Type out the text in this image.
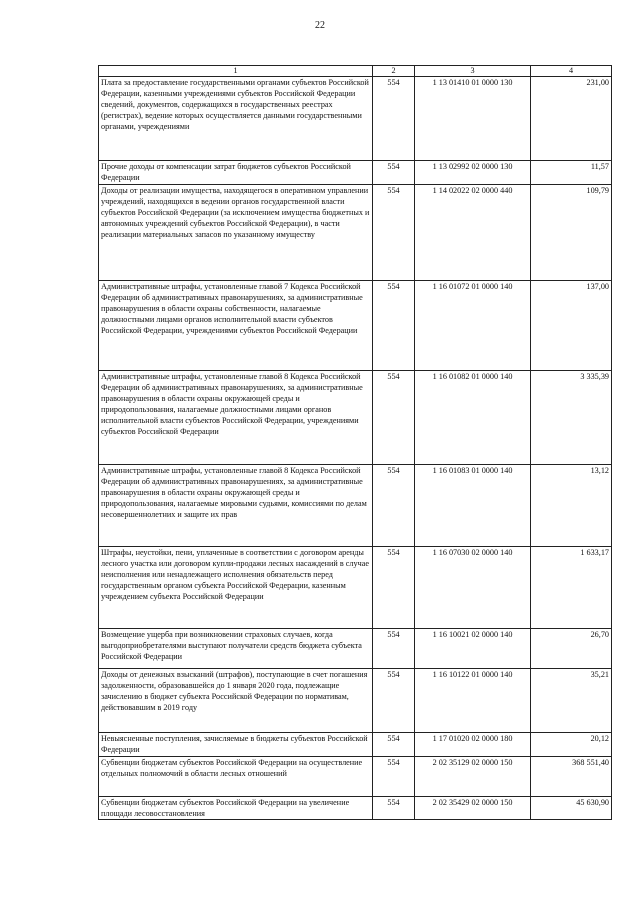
22
1	2	3	4
Плата за предоставление государственными органами субъектов Российской Федерации, казенными учреждениями субъектов Российской Федерации сведений, документов, содержащихся в государственных реестрах (регистрах), ведение которых осуществляется данными государственными органами, учреждениями	554	1 13 01410 01 0000 130	231,00
Прочие доходы от компенсации затрат бюджетов субъектов Российской Федерации	554	1 13 02992 02 0000 130	11,57
Доходы от реализации имущества, находящегося в оперативном управлении учреждений, находящихся в ведении органов государственной власти субъектов Российской Федерации (за исключением имущества бюджетных и автономных учреждений субъектов Российской Федерации), в части реализации материальных запасов по указанному имуществу	554	1 14 02022 02 0000 440	109,79
Административные штрафы, установленные главой 7 Кодекса Российской Федерации об административных правонарушениях, за административные правонарушения в области охраны собственности, налагаемые должностными лицами органов исполнительной власти субъектов Российской Федерации, учреждениями субъектов Российской Федерации	554	1 16 01072 01 0000 140	137,00
Административные штрафы, установленные главой 8 Кодекса Российской Федерации об административных правонарушениях, за административные правонарушения в области охраны окружающей среды и природопользования, налагаемые должностными лицами органов исполнительной власти субъектов Российской Федерации, учреждениями субъектов Российской Федерации	554	1 16 01082 01 0000 140	3 335,39
Административные штрафы, установленные главой 8 Кодекса Российской Федерации об административных правонарушениях, за административные правонарушения в области охраны окружающей среды и природопользования, налагаемые мировыми судьями, комиссиями по делам несовершеннолетних и защите их прав	554	1 16 01083 01 0000 140	13,12
Штрафы, неустойки, пени, уплаченные в соответствии с договором аренды лесного участка или договором купли-продажи лесных насаждений в случае неисполнения или ненадлежащего исполнения обязательств перед государственным органом субъекта Российской Федерации, казенным учреждением субъекта Российской Федерации	554	1 16 07030 02 0000 140	1 633,17
Возмещение ущерба при возникновении страховых случаев, когда выгодоприобретателями выступают получатели средств бюджета субъекта Российской Федерации	554	1 16 10021 02 0000 140	26,70
Доходы от денежных взысканий (штрафов), поступающие в счет погашения задолженности, образовавшейся до 1 января 2020 года, подлежащие зачислению в бюджет субъекта Российской Федерации по нормативам, действовавшим в 2019 году	554	1 16 10122 01 0000 140	35,21
Невыясненные поступления, зачисляемые в бюджеты субъектов Российской Федерации	554	1 17 01020 02 0000 180	20,12
Субвенции бюджетам субъектов Российской Федерации на осуществление отдельных полномочий в области лесных отношений	554	2 02 35129 02 0000 150	368 551,40
Субвенции бюджетам субъектов Российской Федерации на увеличение площади лесовосстановления	554	2 02 35429 02 0000 150	45 630,90
